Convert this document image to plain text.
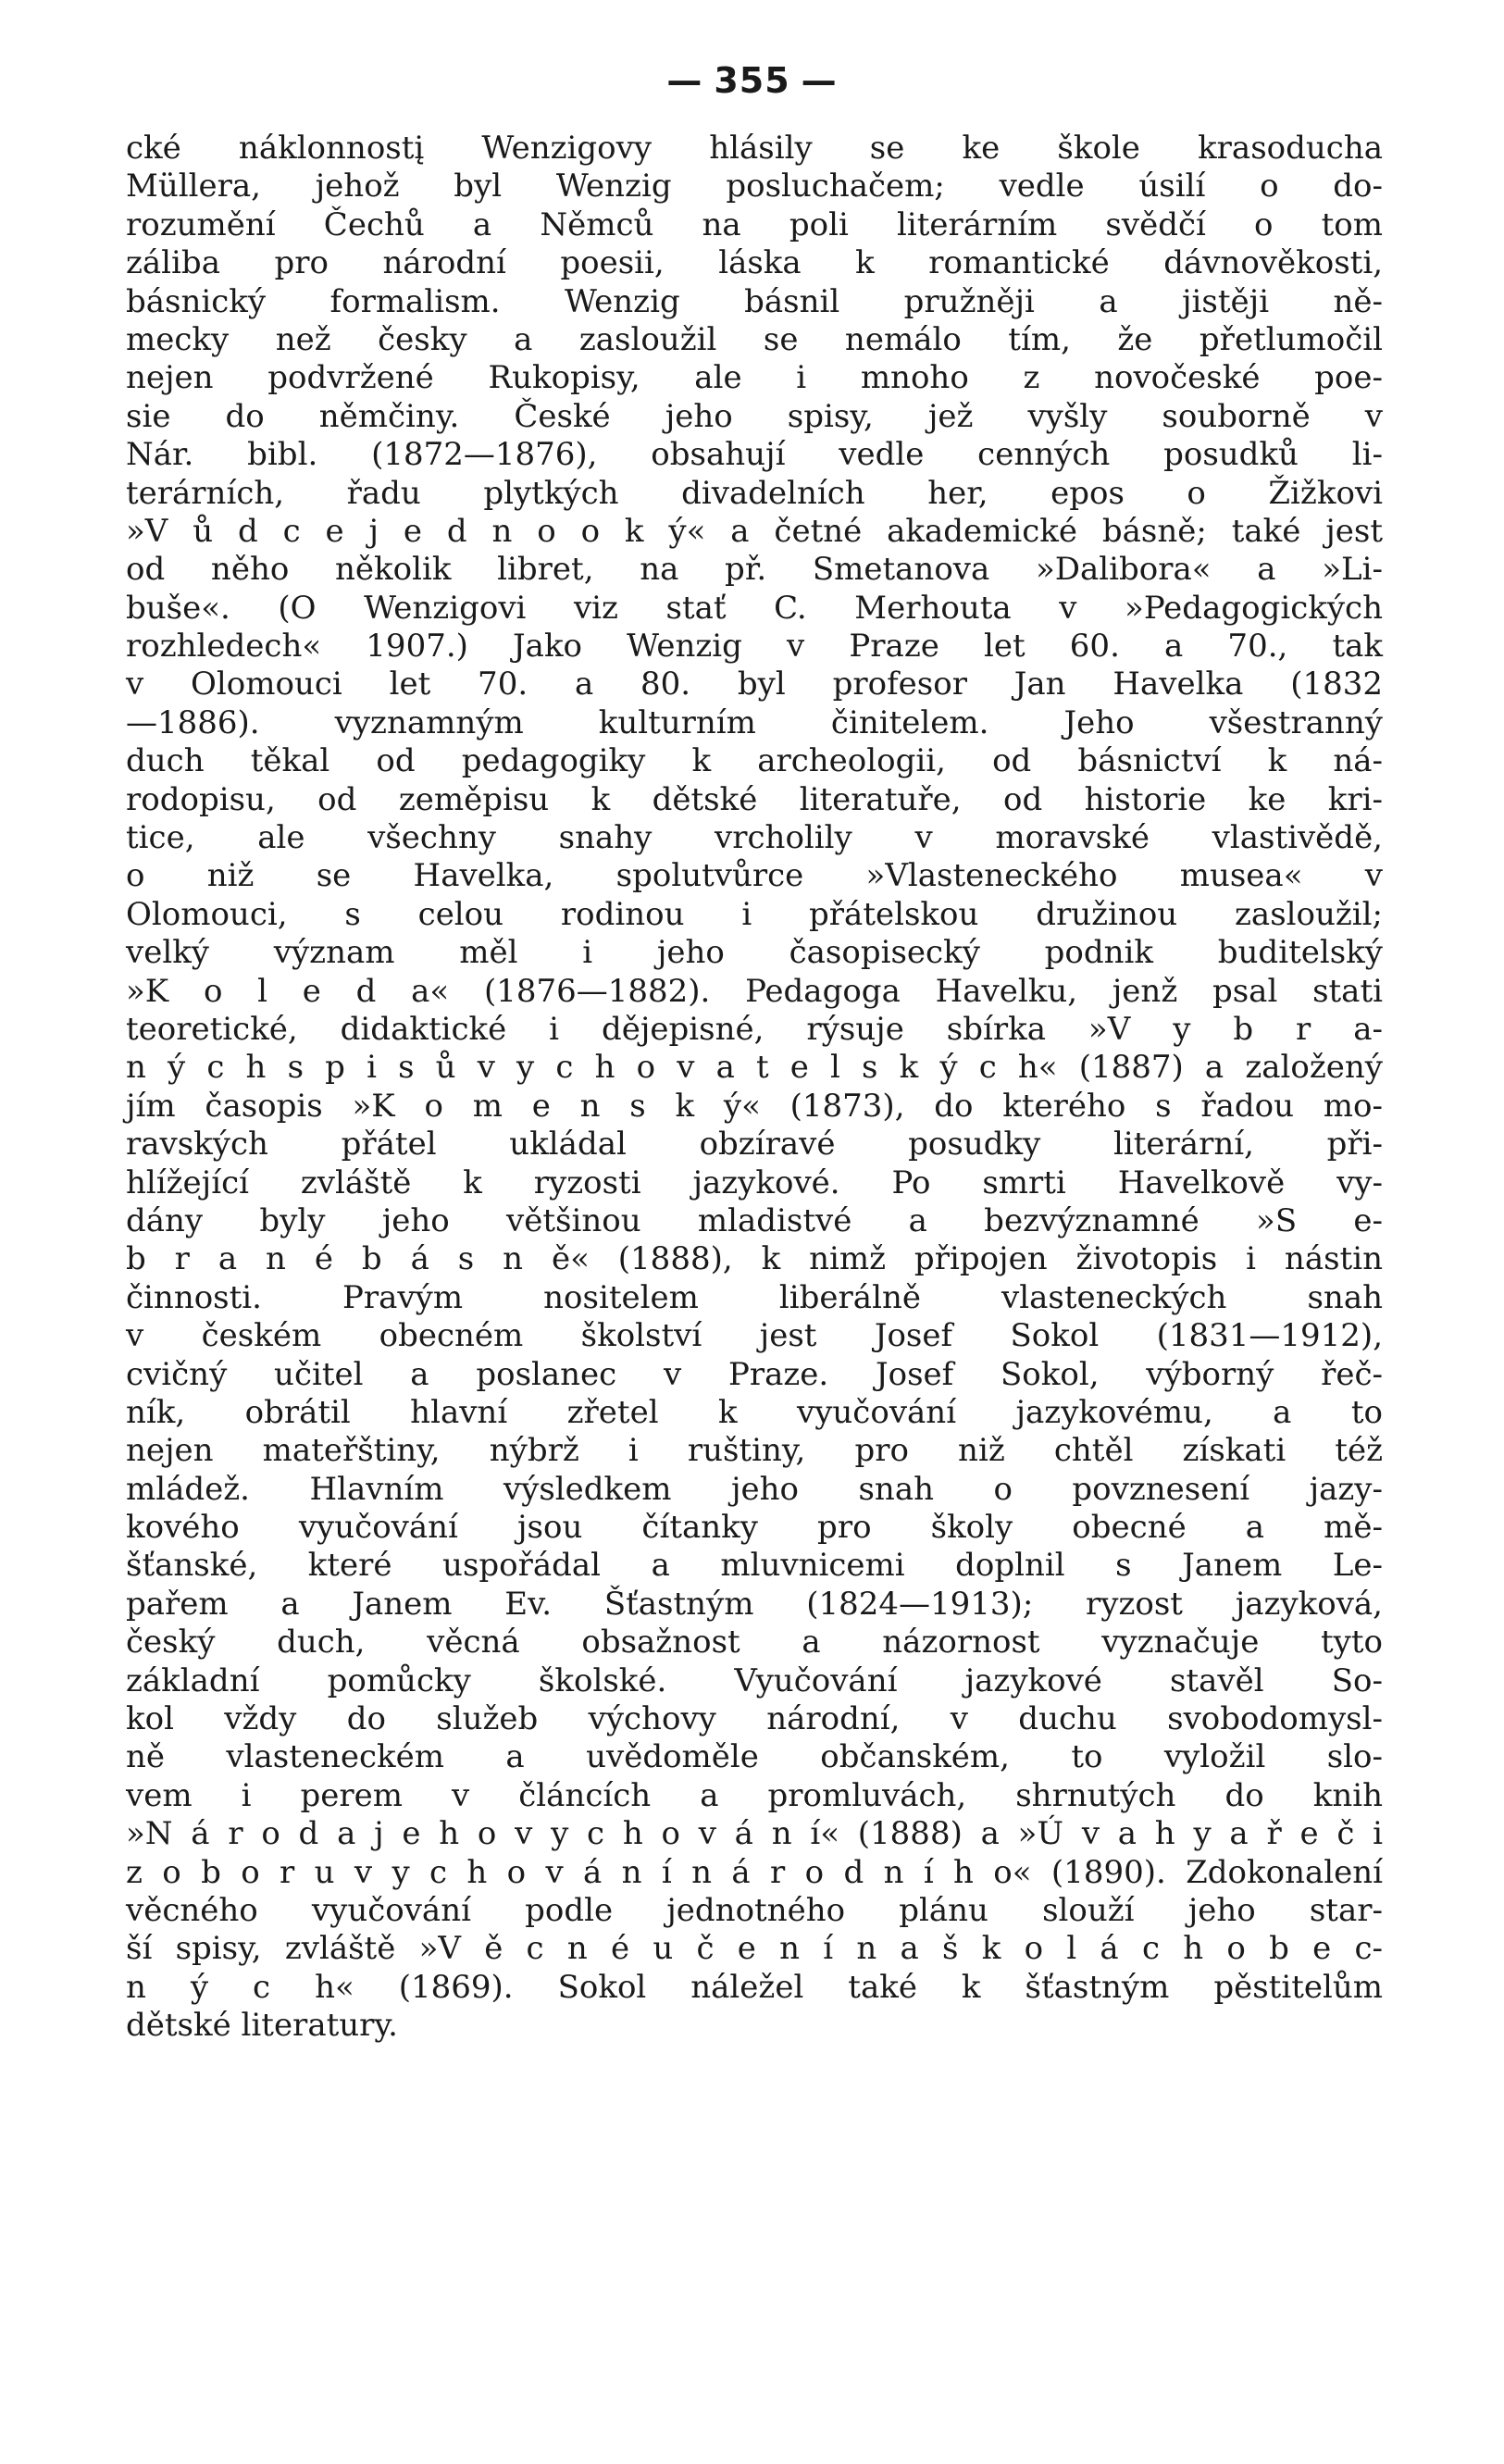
— 355 —
cké náklonnostį Wenzigovy hlásily se ke škole krasoducha
Müllera, jehož byl Wenzig posluchačem; vedle úsilí o do-
rozumění Čechů a Němců na poli literárním svědčí o tom
záliba pro národní poesii, láska k romantické dávnověkosti,
básnický formalism. Wenzig básnil pružněji a jistěji ně-
mecky než česky a zasloužil se nemálo tím, že přetlumočil
nejen podvržené Rukopisy, ale i mnoho z novočeské poe-
sie do němčiny. České jeho spisy, jež vyšly souborně v
Nár. bibl. (1872—1876), obsahují vedle cenných posudků li-
terárních, řadu plytkých divadelních her, epos o Žižkovi
»V ů d c e j e d n o o k ý« a četné akademické básně; také jest
od něho několik libret, na př. Smetanova »Dalibora« a »Li-
buše«. (O Wenzigovi viz stať C. Merhouta v »Pedagogických
rozhledech« 1907.) Jako Wenzig v Praze let 60. a 70., tak
v Olomouci let 70. a 80. byl profesor Jan Havelka (1832
—1886). vyznamným kulturním činitelem. Jeho všestranný
duch těkal od pedagogiky k archeologii, od básnictví k ná-
rodopisu, od zeměpisu k dětské literatuře, od historie ke kri-
tice, ale všechny snahy vrcholily v moravské vlastivědě,
o niž se Havelka, spolutvůrce »Vlasteneckého musea« v
Olomouci, s celou rodinou i přátelskou družinou zasloužil;
velký význam měl i jeho časopisecký podnik buditelský
»K o l e d a« (1876—1882). Pedagoga Havelku, jenž psal stati
teoretické, didaktické i dějepisné, rýsuje sbírka »V y b r a-
n ý c h s p i s ů v y c h o v a t e l s k ý c h« (1887) a založený
jím časopis »K o m e n s k ý« (1873), do kterého s řadou mo-
ravských přátel ukládal obzíravé posudky literární, při-
hlížející zvláště k ryzosti jazykové. Po smrti Havelkově vy-
dány byly jeho většinou mladistvé a bezvýznamné »S e-
b r a n é b á s n ě« (1888), k nimž připojen životopis i nástin
činnosti. Pravým nositelem liberálně vlasteneckých snah
v českém obecném školství jest Josef Sokol (1831—1912),
cvičný učitel a poslanec v Praze. Josef Sokol, výborný řeč-
ník, obrátil hlavní zřetel k vyučování jazykovému, a to
nejen mateřštiny, nýbrž i ruštiny, pro niž chtěl získati též
mládež. Hlavním výsledkem jeho snah o povznesení jazy-
kového vyučování jsou čítanky pro školy obecné a mě-
šťanské, které uspořádal a mluvnicemi doplnil s Janem Le-
pařem a Janem Ev. Šťastným (1824—1913); ryzost jazyková,
český duch, věcná obsažnost a názornost vyznačuje tyto
základní pomůcky školské. Vyučování jazykové stavěl So-
kol vždy do služeb výchovy národní, v duchu svobodomysl-
ně vlasteneckém a uvědoměle občanském, to vyložil slo-
vem i perem v článcích a promluvách, shrnutých do knih
»N á r o d a j e h o v y c h o v á n í« (1888) a »Ú v a h y a ř e č i
z o b o r u v y c h o v á n í n á r o d n í h o« (1890). Zdokonalení
věcného vyučování podle jednotného plánu slouží jeho star-
ší spisy, zvláště »V ě c n é u č e n í n a š k o l á c h o b e c-
n ý c h« (1869). Sokol náležel také k šťastným pěstitelům
dětské literatury.
